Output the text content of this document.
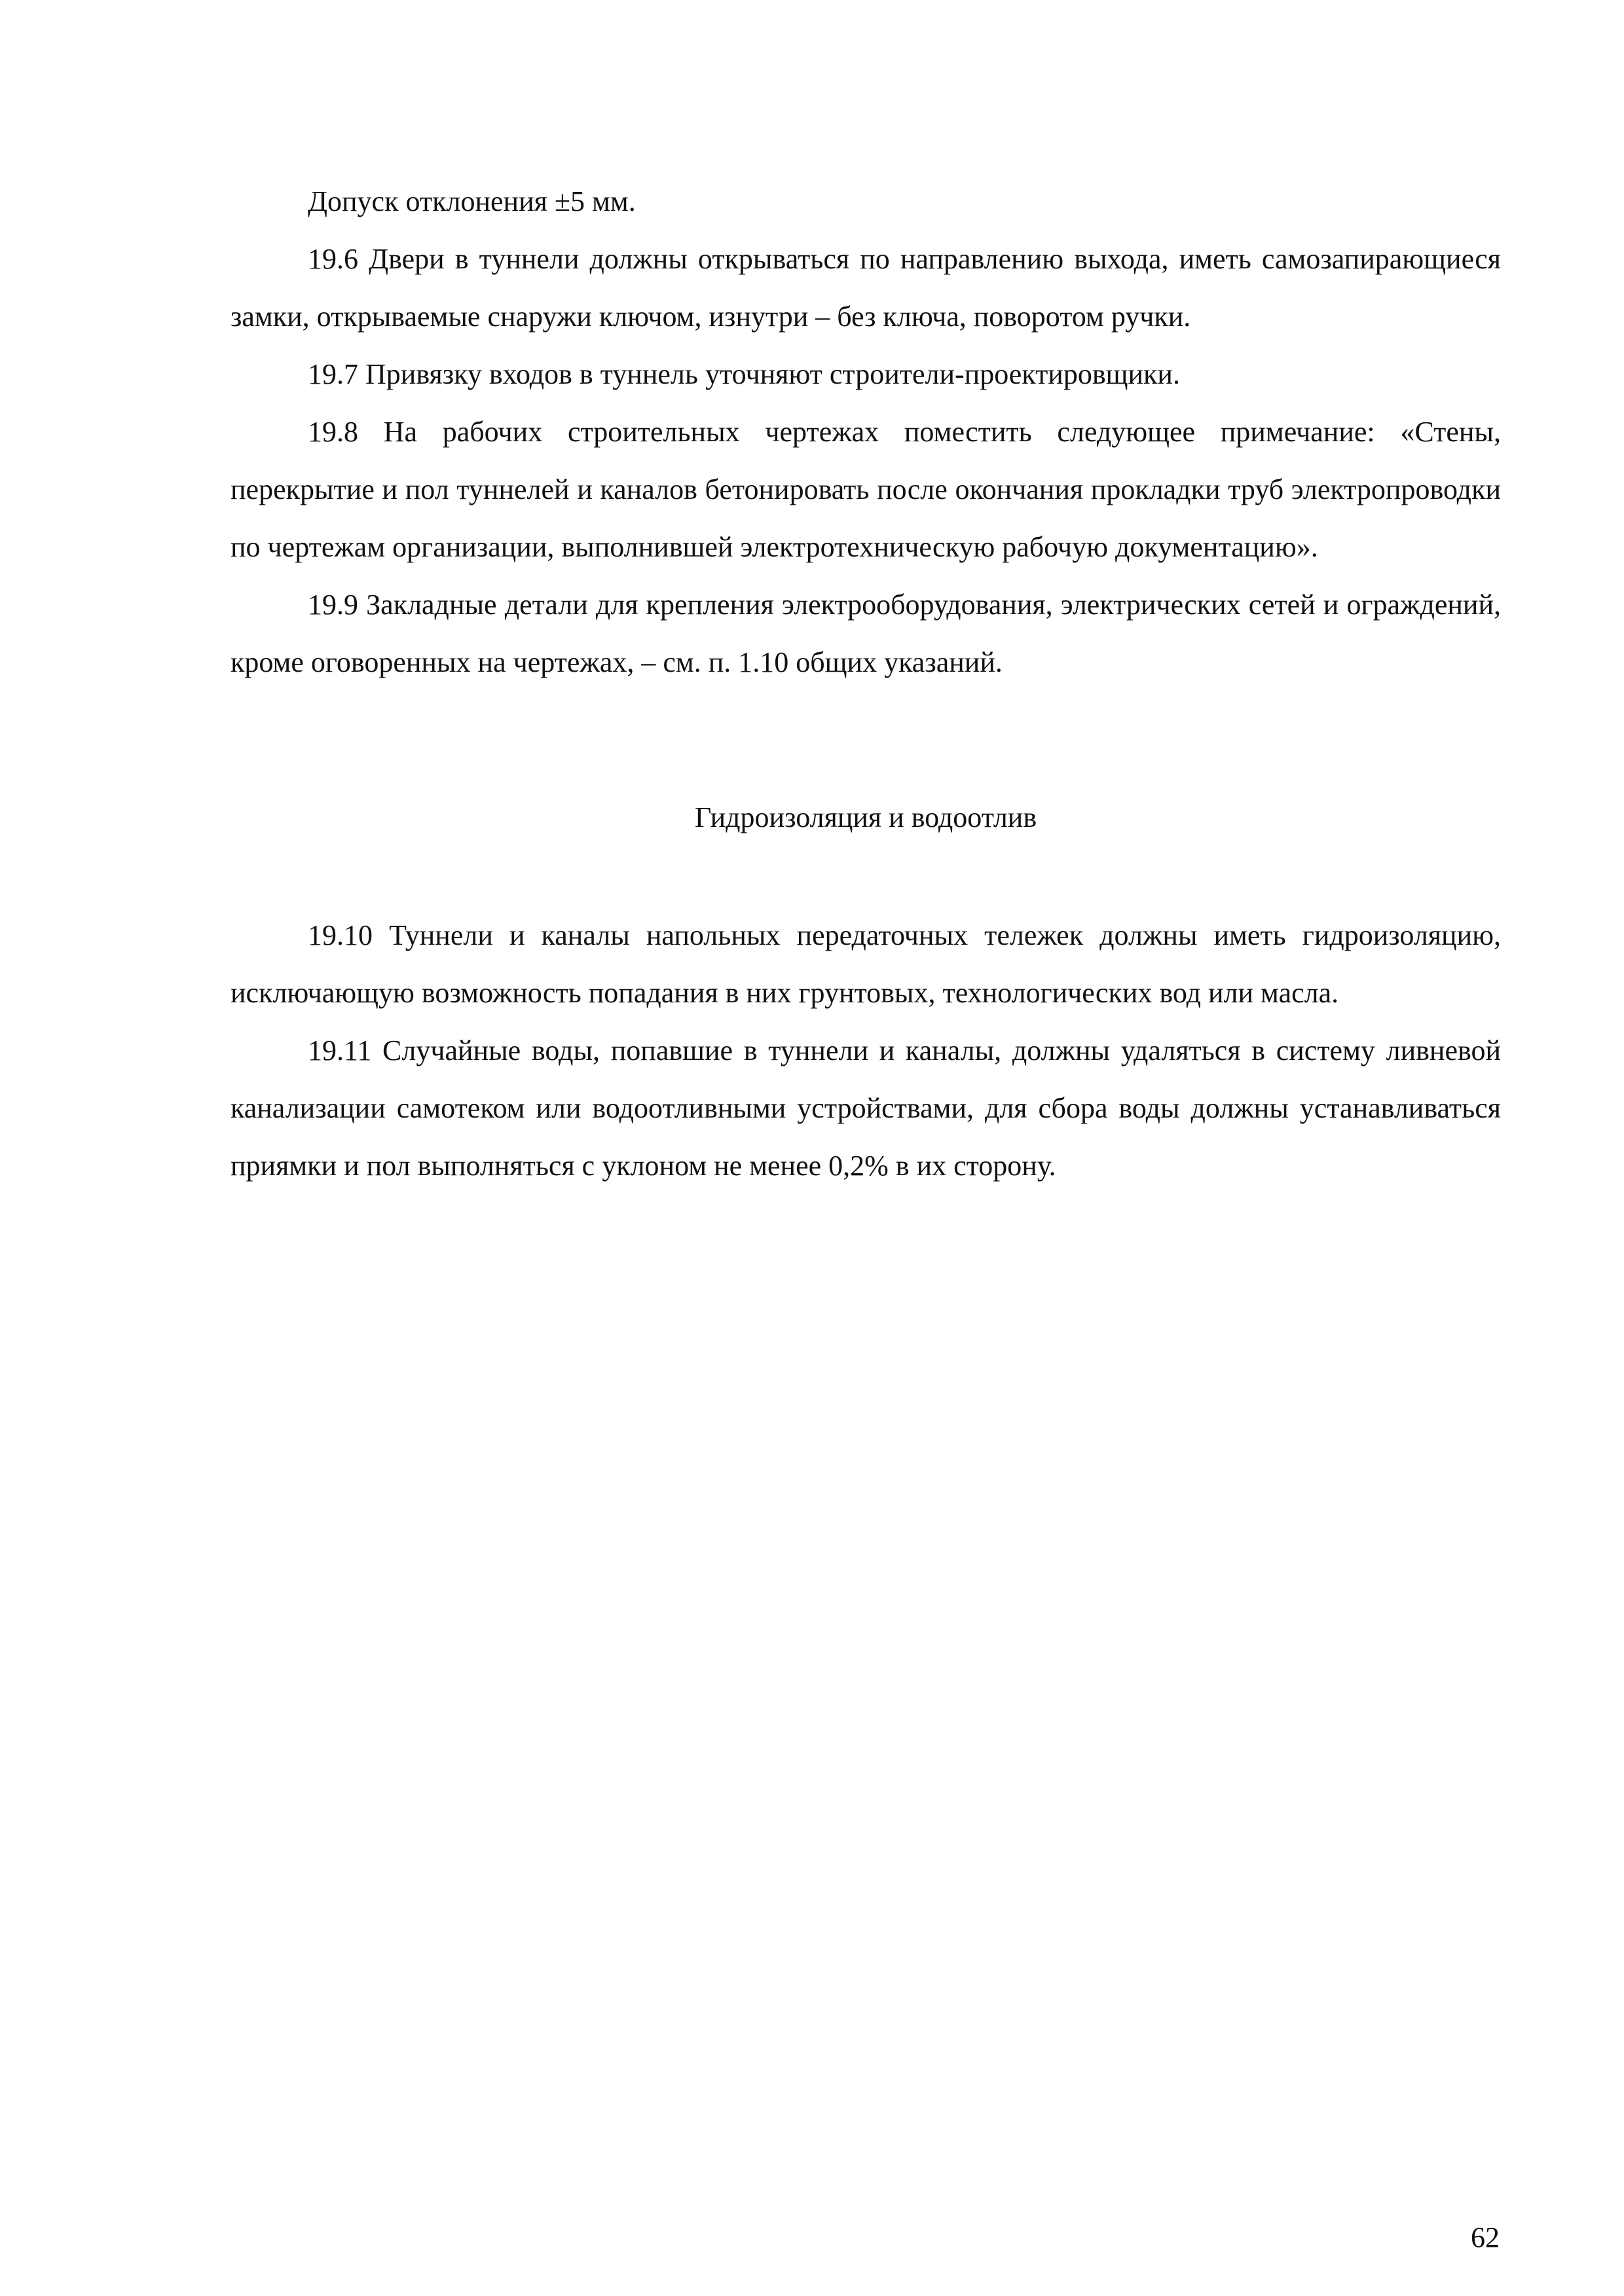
Допуск отклонения ±5 мм.

19.6 Двери в туннели должны открываться по направлению выхода, иметь самозапирающиеся замки, открываемые снаружи ключом, изнутри – без ключа, поворотом ручки.

19.7 Привязку входов в туннель уточняют строители-проектировщики.

19.8 На рабочих строительных чертежах поместить следующее примечание: «Стены, перекрытие и пол туннелей и каналов бетонировать после окончания прокладки труб электропроводки по чертежам организации, выполнившей электротехническую рабочую документацию».

19.9 Закладные детали для крепления электрооборудования, электрических сетей и ограждений, кроме оговоренных на чертежах, – см. п. 1.10 общих указаний.

Гидроизоляция и водоотлив

19.10 Туннели и каналы напольных передаточных тележек должны иметь гидроизоляцию, исключающую возможность попадания в них грунтовых, технологических вод или масла.

19.11 Случайные воды, попавшие в туннели и каналы, должны удаляться в систему ливневой канализации самотеком или водоотливными устройствами, для сбора воды должны устанавливаться приямки и пол выполняться с уклоном не менее 0,2% в их сторону.

62
